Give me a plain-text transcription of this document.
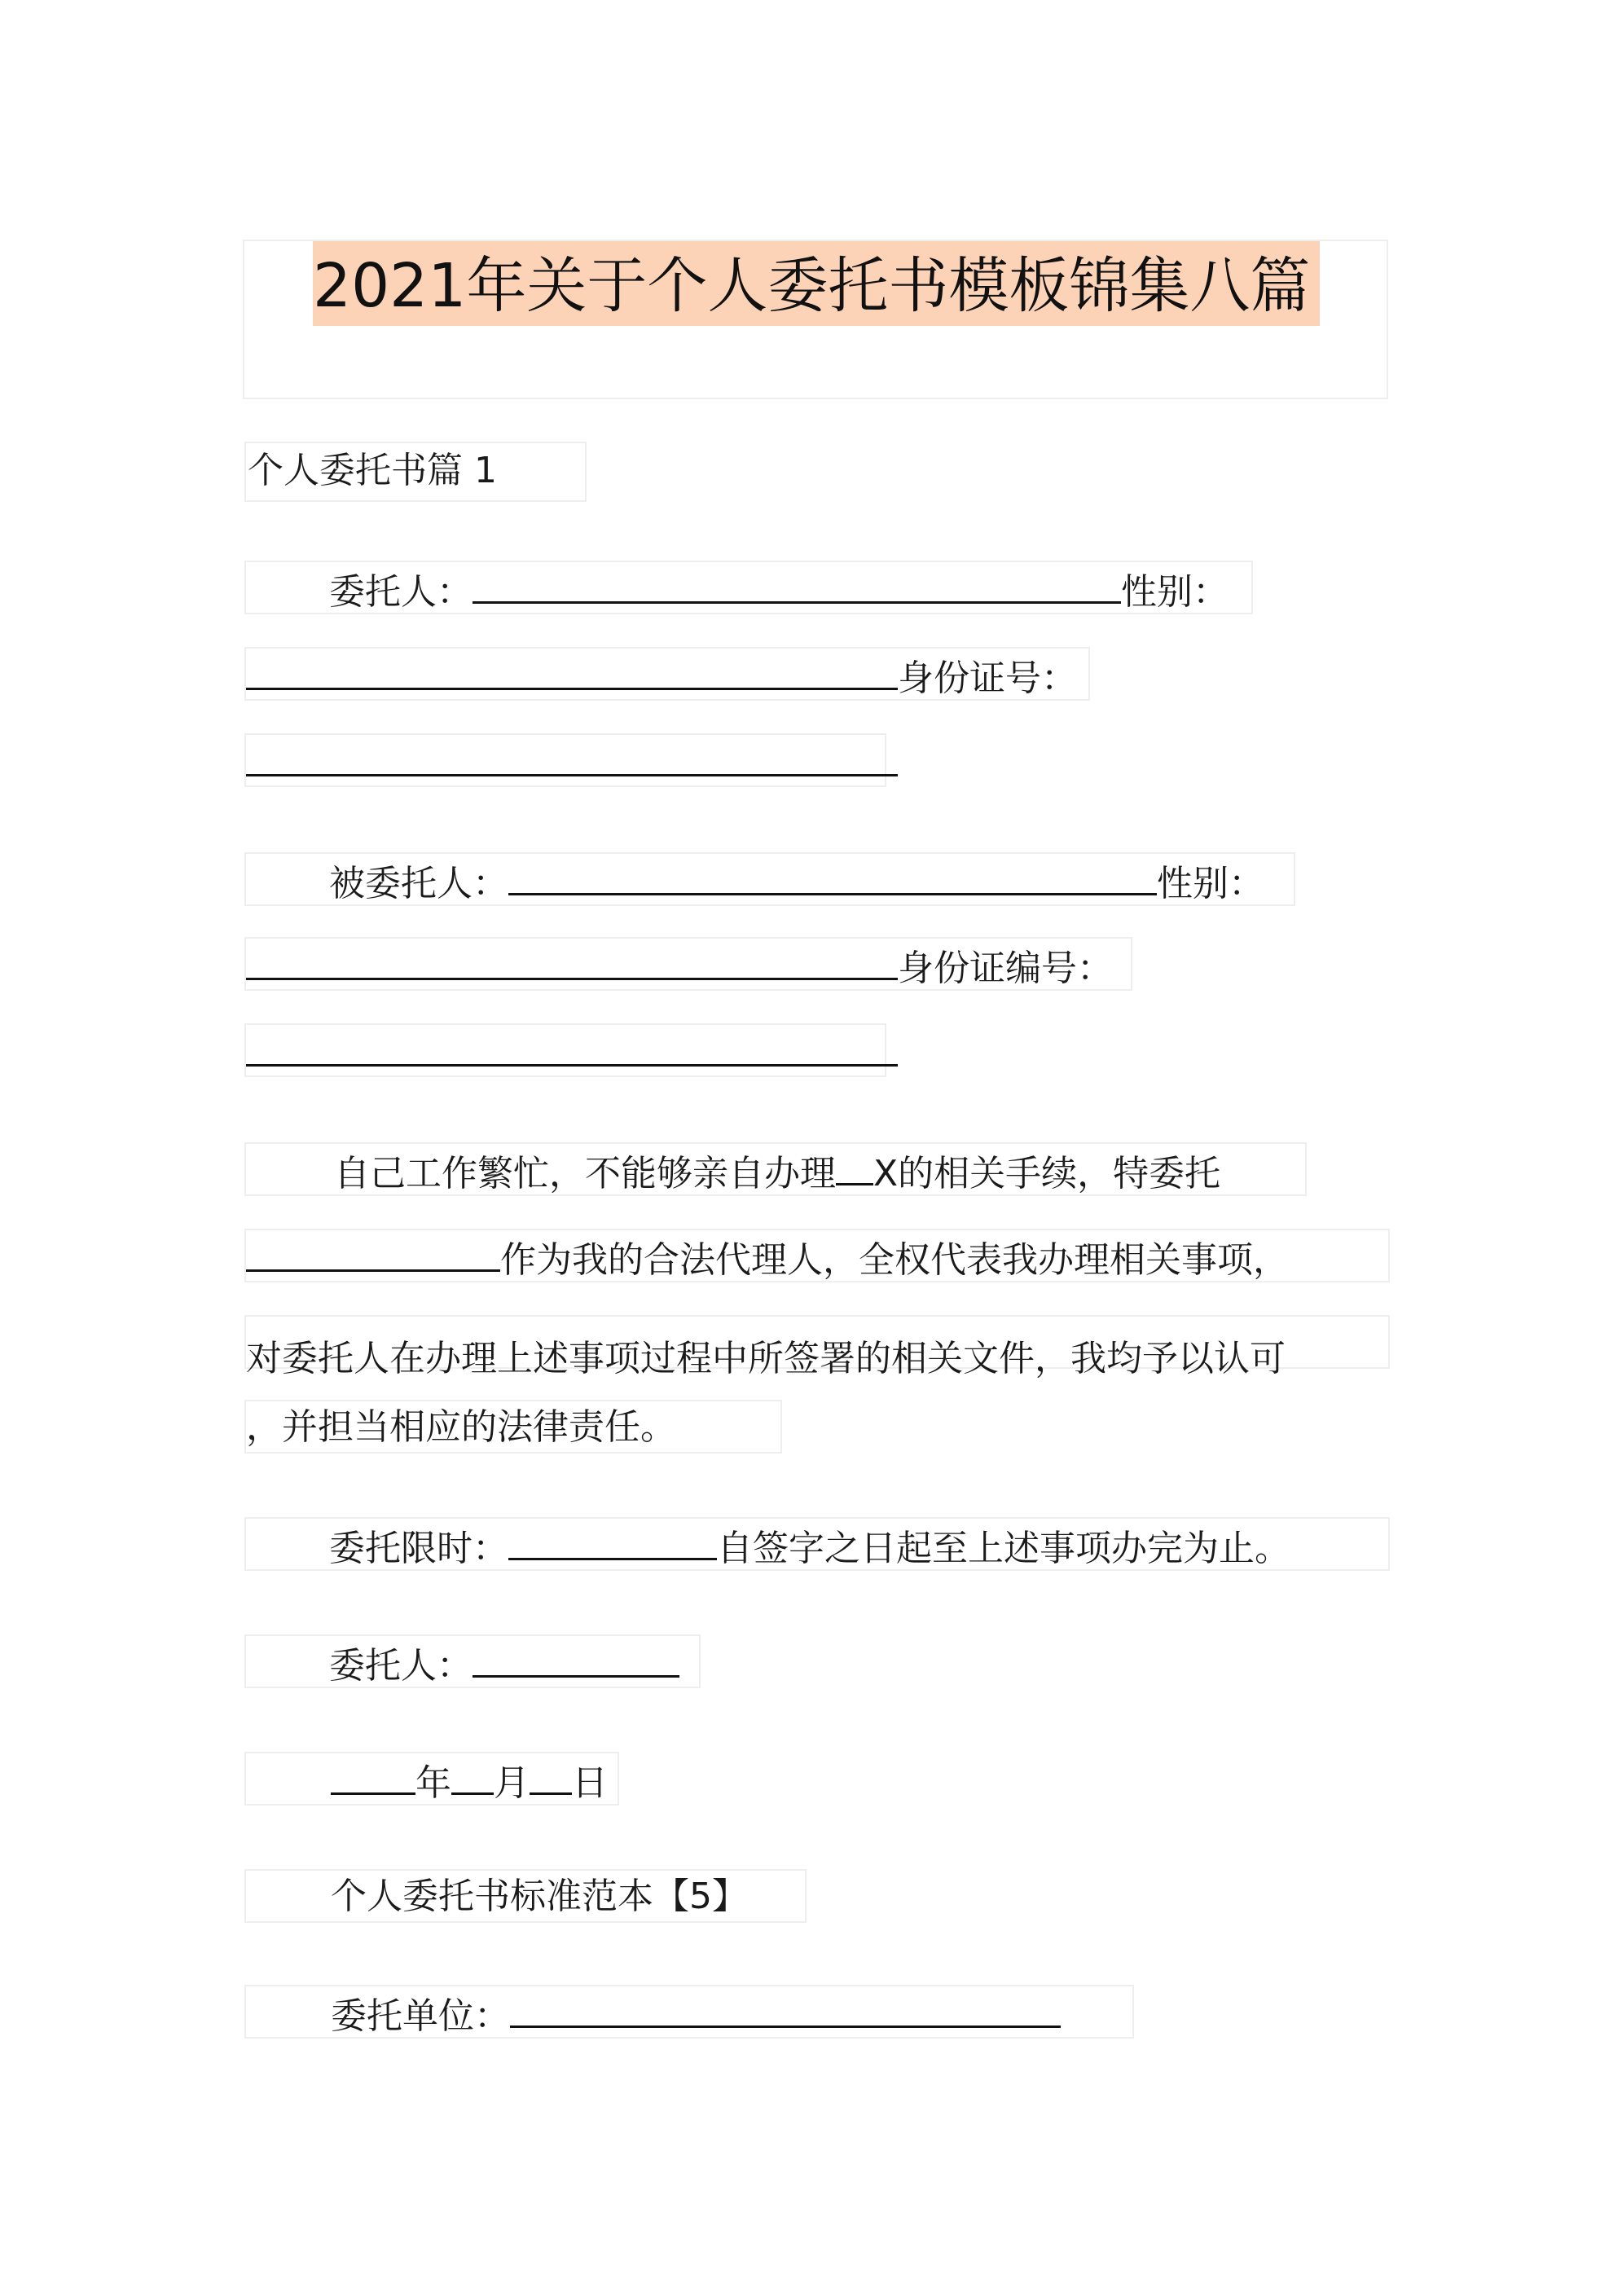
2021年关于个人委托书模板锦集八篇
个人委托书篇 1
委托人：	性别：
身份证号：
被委托人：	性别：
身份证编号：
自己工作繁忙，不能够亲自办理 X的相关手续，特委托
作为我的合法代理人，全权代表我办理相关事项，
对委托人在办理上述事项过程中所签署的相关文件，我均予以认可
，并担当相应的法律责任。
委托限时：	自签字之日起至上述事项办完为止。
委托人：
年 月 日
个人委托书标准范本【5】
委托单位：
